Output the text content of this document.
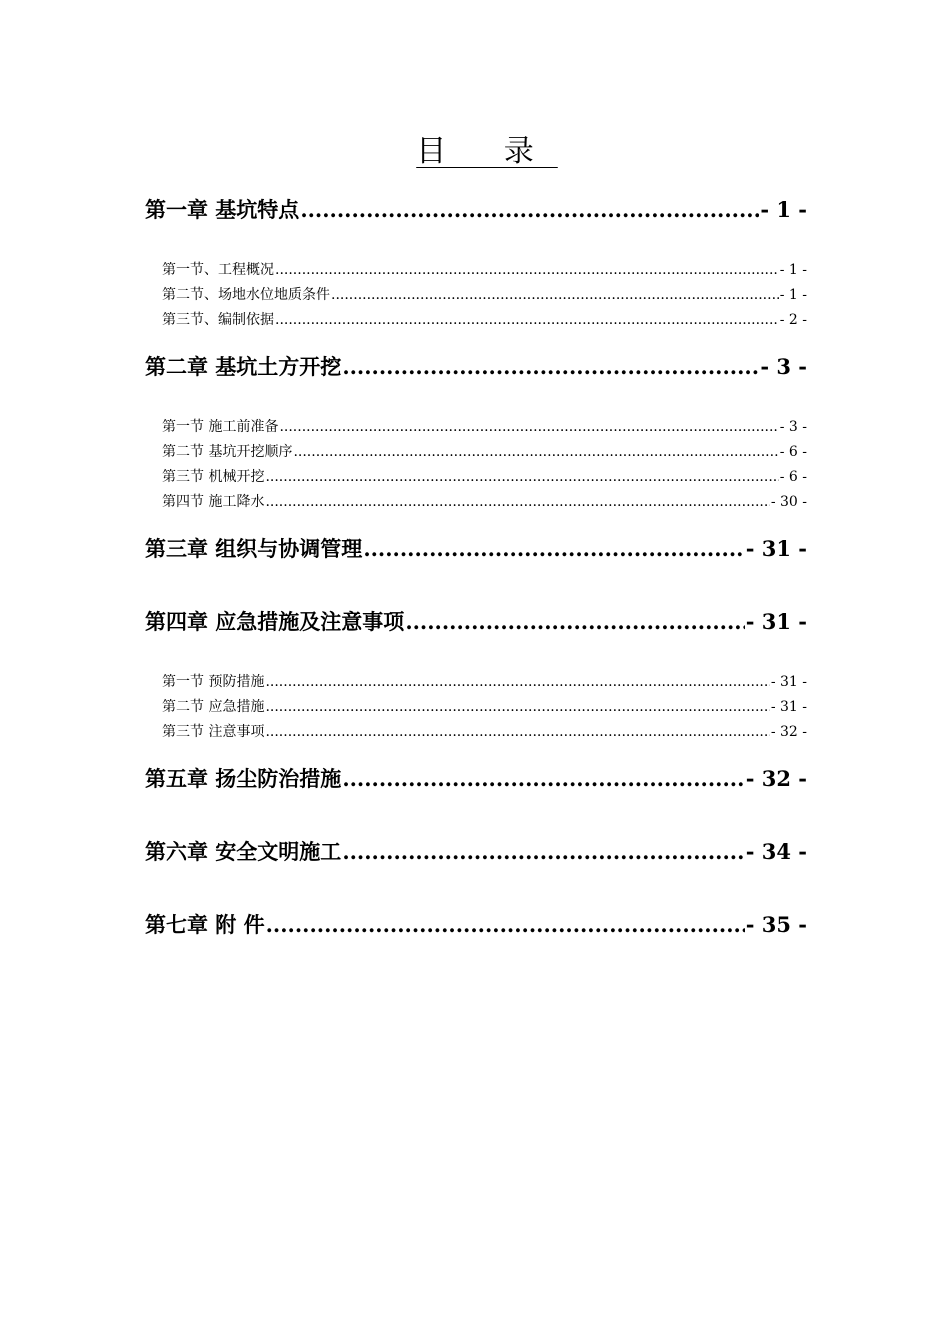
目 录
第一章 基坑特点 .....	- 1 -
第一节、工程概况 .....	- 1 -
第二节、场地水位地质条件 .....	- 1 -
第三节、编制依据 .....	- 2 -
第二章 基坑土方开挖 .....	- 3 -
第一节 施工前准备 .....	- 3 -
第二节 基坑开挖顺序 .....	- 6 -
第三节 机械开挖 .....	- 6 -
第四节 施工降水 .....	- 30 -
第三章 组织与协调管理 .....	- 31 -
第四章 应急措施及注意事项 .....	- 31 -
第一节 预防措施 .....	- 31 -
第二节 应急措施 .....	- 31 -
第三节 注意事项 .....	- 32 -
第五章 扬尘防治措施 .....	- 32 -
第六章 安全文明施工 .....	- 34 -
第七章 附 件 .....	- 35 -
